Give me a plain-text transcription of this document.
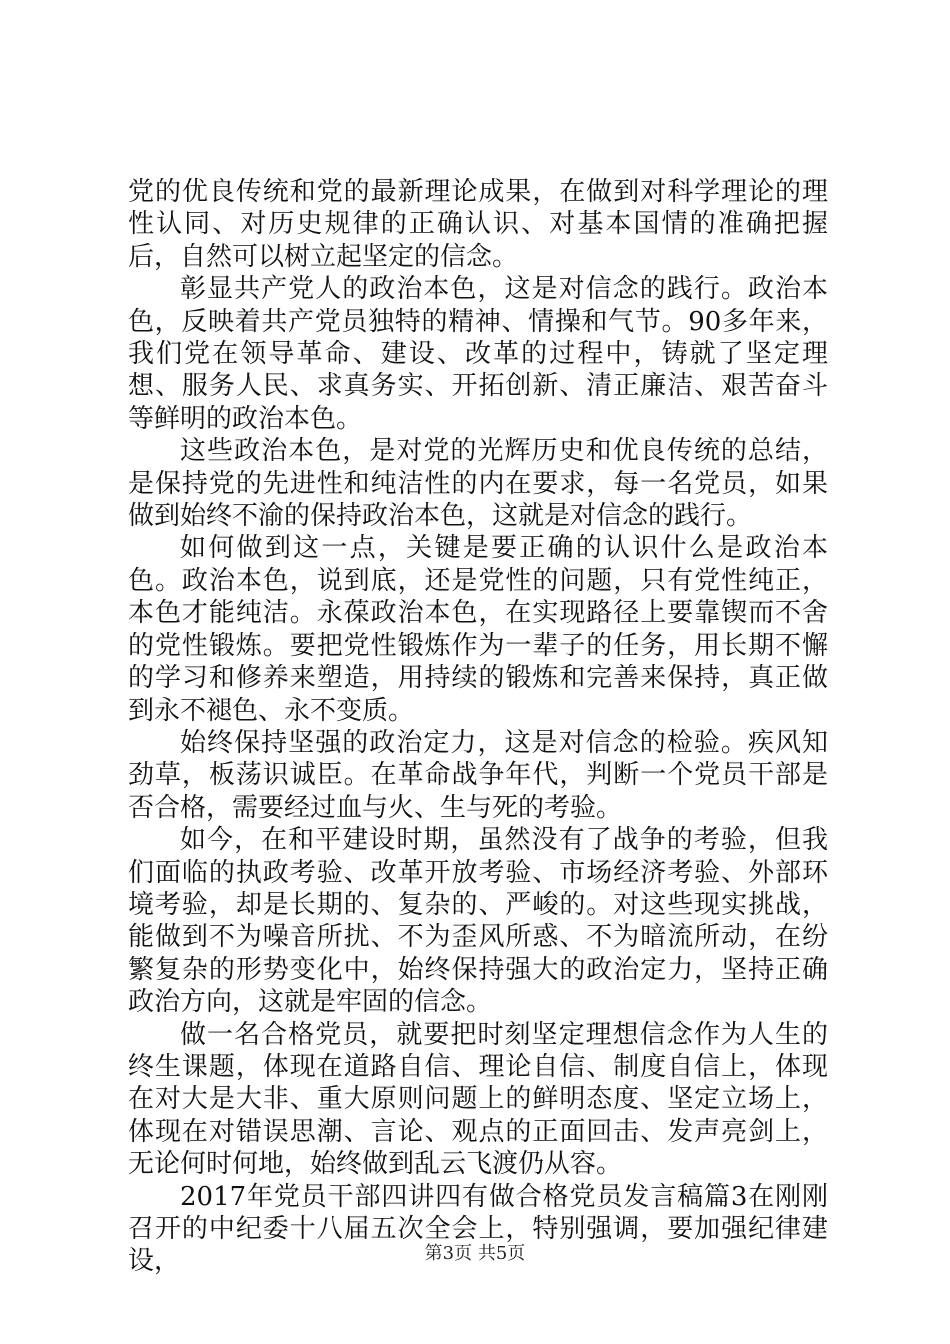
党的优良传统和党的最新理论成果，在做到对科学理论的理性认同、对历史规律的正确认识、对基本国情的准确把握后，自然可以树立起坚定的信念。

彰显共产党人的政治本色，这是对信念的践行。政治本色，反映着共产党员独特的精神、情操和气节。90多年来，我们党在领导革命、建设、改革的过程中，铸就了坚定理想、服务人民、求真务实、开拓创新、清正廉洁、艰苦奋斗等鲜明的政治本色。

这些政治本色，是对党的光辉历史和优良传统的总结，是保持党的先进性和纯洁性的内在要求，每一名党员，如果做到始终不渝的保持政治本色，这就是对信念的践行。

如何做到这一点，关键是要正确的认识什么是政治本色。政治本色，说到底，还是党性的问题，只有党性纯正，本色才能纯洁。永葆政治本色，在实现路径上要靠锲而不舍的党性锻炼。要把党性锻炼作为一辈子的任务，用长期不懈的学习和修养来塑造，用持续的锻炼和完善来保持，真正做到永不褪色、永不变质。

始终保持坚强的政治定力，这是对信念的检验。疾风知劲草，板荡识诚臣。在革命战争年代，判断一个党员干部是否合格，需要经过血与火、生与死的考验。

如今，在和平建设时期，虽然没有了战争的考验，但我们面临的执政考验、改革开放考验、市场经济考验、外部环境考验，却是长期的、复杂的、严峻的。对这些现实挑战，能做到不为噪音所扰、不为歪风所惑、不为暗流所动，在纷繁复杂的形势变化中，始终保持强大的政治定力，坚持正确政治方向，这就是牢固的信念。

做一名合格党员，就要把时刻坚定理想信念作为人生的终生课题，体现在道路自信、理论自信、制度自信上，体现在对大是大非、重大原则问题上的鲜明态度、坚定立场上，体现在对错误思潮、言论、观点的正面回击、发声亮剑上，无论何时何地，始终做到乱云飞渡仍从容。

2017年党员干部四讲四有做合格党员发言稿篇3在刚刚召开的中纪委十八届五次全会上，特别强调，要加强纪律建设，	第3页 共5页
